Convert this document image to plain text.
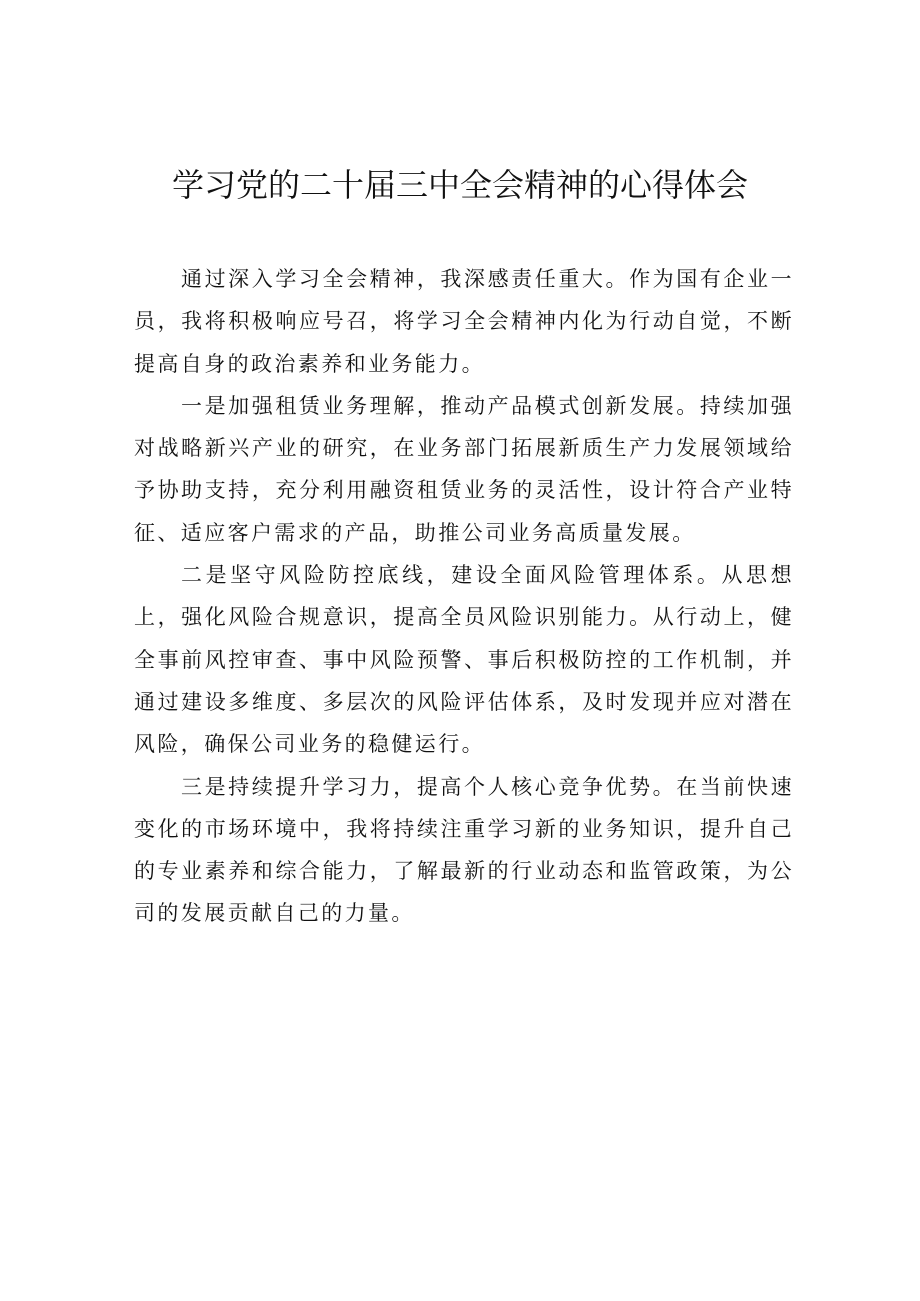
学习党的二十届三中全会精神的心得体会

通过深入学习全会精神，我深感责任重大。作为国有企业一员，我将积极响应号召，将学习全会精神内化为行动自觉，不断提高自身的政治素养和业务能力。

一是加强租赁业务理解，推动产品模式创新发展。持续加强对战略新兴产业的研究，在业务部门拓展新质生产力发展领域给予协助支持，充分利用融资租赁业务的灵活性，设计符合产业特征、适应客户需求的产品，助推公司业务高质量发展。

二是坚守风险防控底线，建设全面风险管理体系。从思想上，强化风险合规意识，提高全员风险识别能力。从行动上，健全事前风控审查、事中风险预警、事后积极防控的工作机制，并通过建设多维度、多层次的风险评估体系，及时发现并应对潜在风险，确保公司业务的稳健运行。

三是持续提升学习力，提高个人核心竞争优势。在当前快速变化的市场环境中，我将持续注重学习新的业务知识，提升自己的专业素养和综合能力，了解最新的行业动态和监管政策，为公司的发展贡献自己的力量。
